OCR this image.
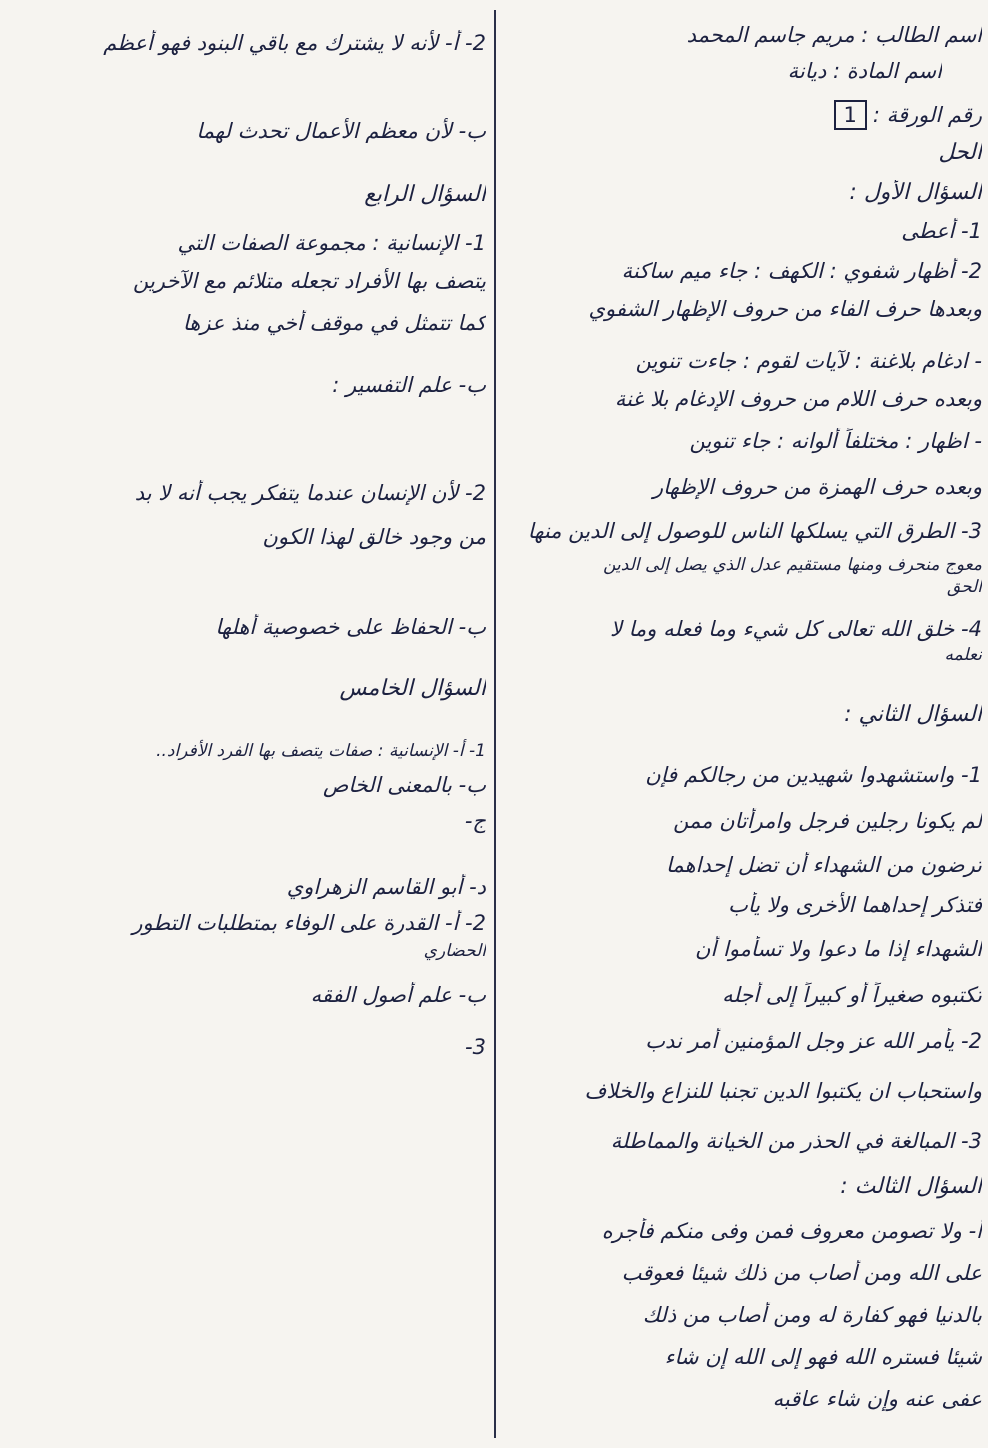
اسم الطالب : مريم جاسم المحمد
اسم المادة : ديانة
رقم الورقة :1
الحل
السؤال الأول :
1- أعطى
2- أظهار شفوي : الكهف : جاء ميم ساكنة
وبعدها حرف الفاء من حروف الإظهار الشفوي
- ادغام بلاغنة : لآيات لقوم : جاءت تنوين
وبعده حرف اللام من حروف الإدغام بلا غنة
- اظهار : مختلفاً ألوانه : جاء تنوين
وبعده حرف الهمزة من حروف الإظهار
3- الطرق التي يسلكها الناس للوصول إلى الدين منها
معوج منحرف ومنها مستقيم عدل الذي يصل إلى الدين
الحق
4- خلق الله تعالى كل شيء وما فعله وما لا
نعلمه
السؤال الثاني :
1- واستشهدوا شهيدين من رجالكم فإن
لم يكونا رجلين فرجل وامرأتان ممن
ترضون من الشهداء أن تضل إحداهما
فتذكر إحداهما الأخرى ولا يأب
الشهداء إذا ما دعوا ولا تسأموا أن
تكتبوه صغيراً أو كبيراً إلى أجله
2- يأمر الله عز وجل المؤمنين أمر ندب
واستحباب ان يكتبوا الدين تجنبا للنزاع والخلاف
3- المبالغة في الحذر من الخيانة والمماطلة
السؤال الثالث :
أ- ولا تصومن معروف فمن وفى منكم فأجره
على الله ومن أصاب من ذلك شيئا فعوقب
بالدنيا فهو كفارة له ومن أصاب من ذلك
شيئا فستره الله فهو إلى الله إن شاء
عفى عنه وإن شاء عاقبه
2- أ- لأنه لا يشترك مع باقي البنود فهو أعظم
ب- لأن معظم الأعمال تحدث لهما
السؤال الرابع
1- الإنسانية : مجموعة الصفات التي
يتصف بها الأفراد تجعله متلائم مع الآخرين
كما تتمثل في موقف أخي منذ عزها
ب- علم التفسير :
2- لأن الإنسان عندما يتفكر يجب أنه لا بد
من وجود خالق لهذا الكون
ب- الحفاظ على خصوصية أهلها
السؤال الخامس
1- أ- الإنسانية : صفات يتصف بها الفرد الأفراد..
ب- بالمعنى الخاص
ج-
د- أبو القاسم الزهراوي
2- أ- القدرة على الوفاء بمتطلبات التطور
الحضاري
ب- علم أصول الفقه
3-
